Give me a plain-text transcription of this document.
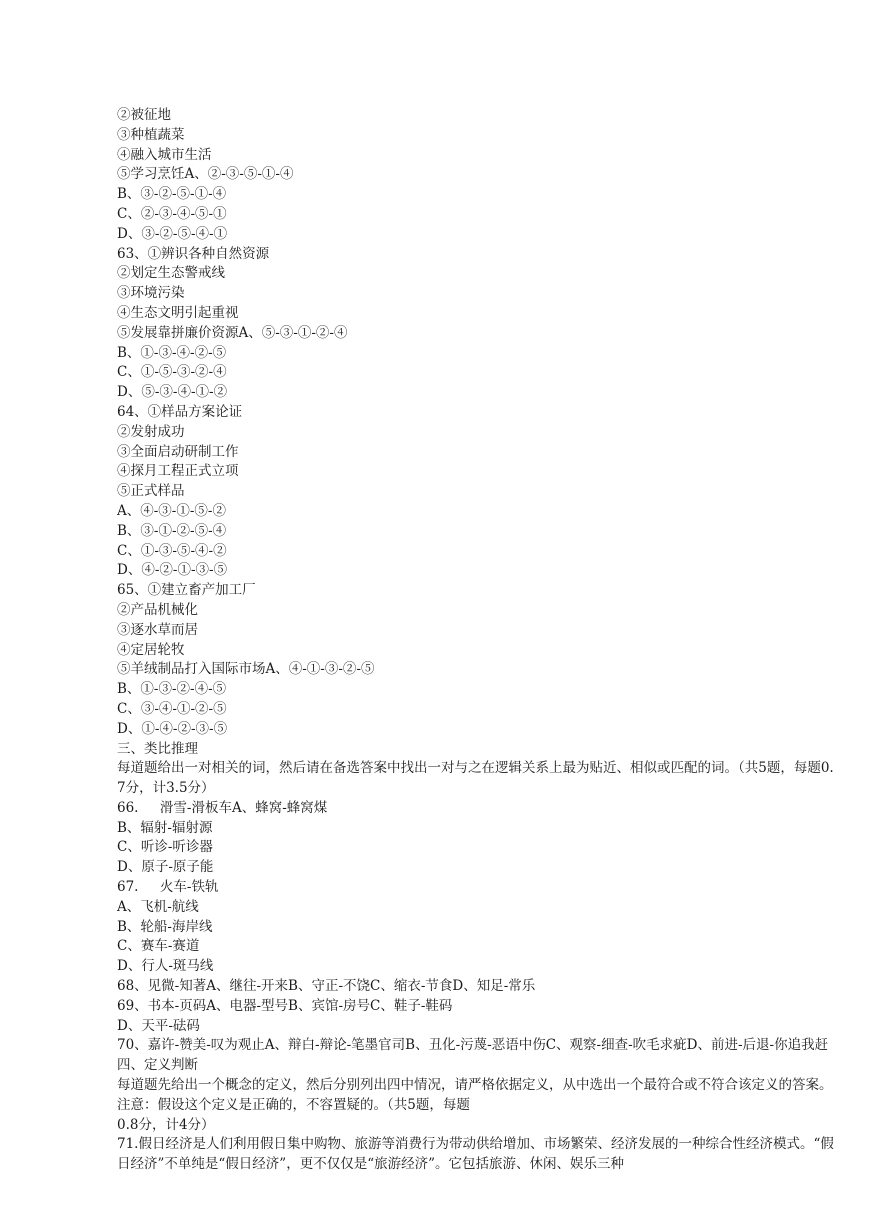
②被征地

③种植蔬菜

④融入城市生活

⑤学习烹饪A、②-③-⑤-①-④

B、③-②-⑤-①-④

C、②-③-④-⑤-①

D、③-②-⑤-④-①

63、①辨识各种自然资源

②划定生态警戒线

③环境污染

④生态文明引起重视

⑤发展靠拼廉价资源A、⑤-③-①-②-④

B、①-③-④-②-⑤

C、①-⑤-③-②-④

D、⑤-③-④-①-②

64、①样品方案论证

②发射成功

③全面启动研制工作

④探月工程正式立项

⑤正式样品

A、④-③-①-⑤-②

B、③-①-②-⑤-④

C、①-③-⑤-④-②

D、④-②-①-③-⑤

65、①建立畜产加工厂

②产品机械化

③逐水草而居

④定居轮牧

⑤羊绒制品打入国际市场A、④-①-③-②-⑤

B、①-③-②-④-⑤

C、③-④-①-②-⑤

D、①-④-②-③-⑤

三、类比推理

每道题给出一对相关的词，然后请在备选答案中找出一对与之在逻辑关系上最为贴近、相似或匹配的词。（共5题，每题0.7分，计3.5分）

66.     滑雪-滑板车A、蜂窝-蜂窝煤

B、辐射-辐射源

C、听诊-听诊器

D、原子-原子能

67.     火车-铁轨

A、飞机-航线

B、轮船-海岸线

C、赛车-赛道

D、行人-斑马线

68、见微-知著A、继往-开来B、守正-不饶C、缩衣-节食D、知足-常乐

69、书本-页码A、电器-型号B、宾馆-房号C、鞋子-鞋码

D、天平-砝码

70、嘉许-赞美-叹为观止A、辩白-辩论-笔墨官司B、丑化-污蔑-恶语中伤C、观察-细查-吹毛求疵D、前进-后退-你追我赶

四、定义判断

每道题先给出一个概念的定义，然后分别列出四中情况，请严格依据定义，从中选出一个最符合或不符合该定义的答案。注意：假设这个定义是正确的，不容置疑的。（共5题，每题

0.8分，计4分）

71.假日经济是人们利用假日集中购物、旅游等消费行为带动供给增加、市场繁荣、经济发展的一种综合性经济模式。“假日经济”不单纯是“假日经济”，更不仅仅是“旅游经济”。它包括旅游、休闲、娱乐三种
